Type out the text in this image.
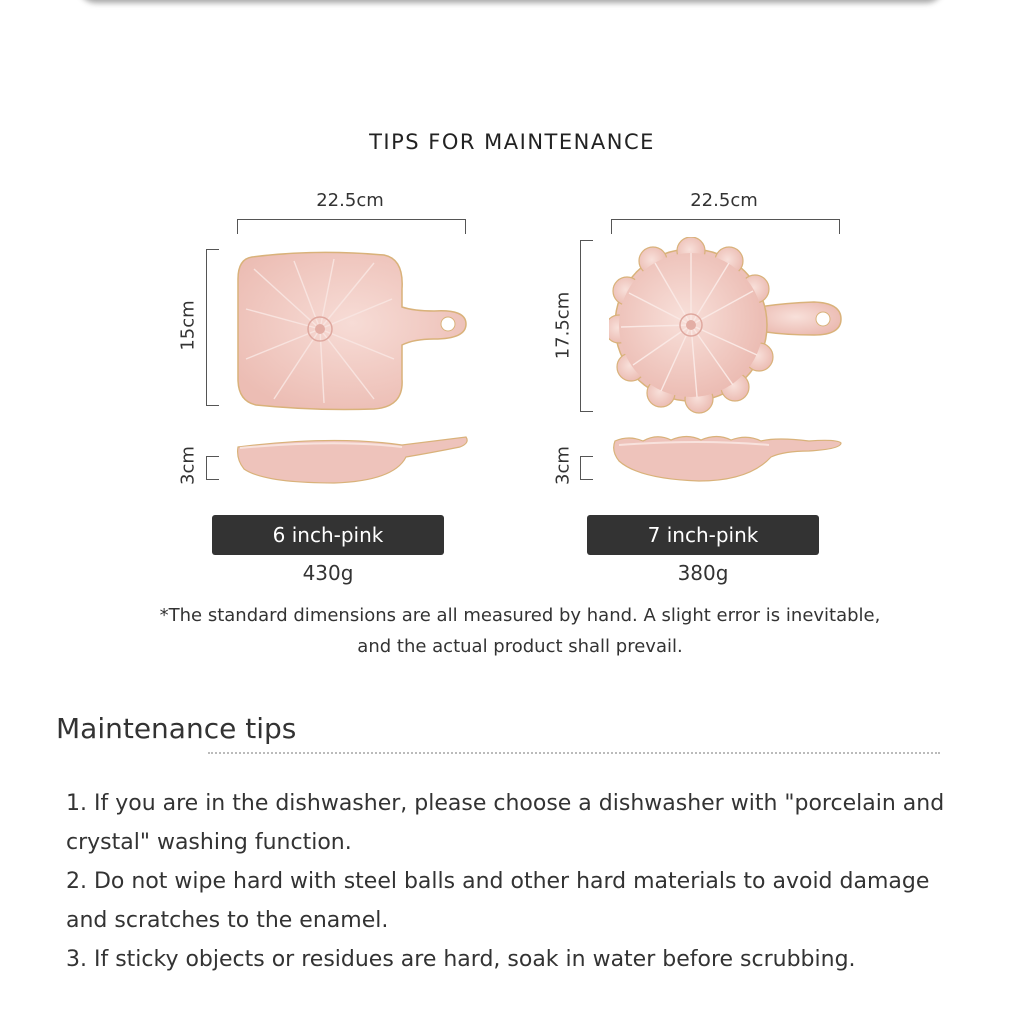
TIPS FOR MAINTENANCE
22.5cm
15cm
3cm
6 inch-pink
430g
22.5cm
17.5cm
3cm
7 inch-pink
380g
*The standard dimensions are all measured by hand. A slight error is inevitable,
and the actual product shall prevail.
Maintenance tips

1. If you are in the dishwasher, please choose a dishwasher with "porcelain and crystal" washing function.

2. Do not wipe hard with steel balls and other hard materials to avoid damage and scratches to the enamel.

3. If sticky objects or residues are hard, soak in water before scrubbing.
